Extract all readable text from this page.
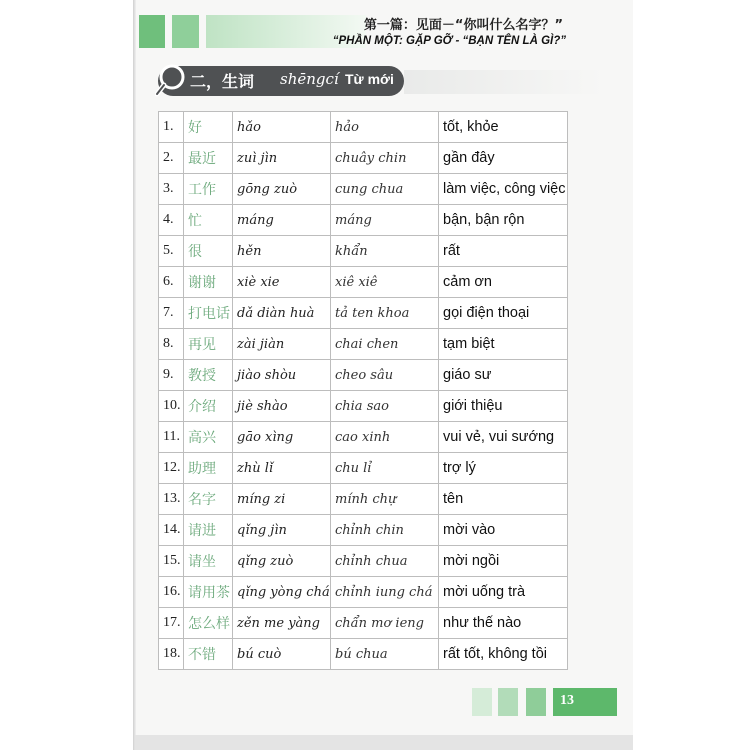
第一篇：见面－“你叫什么名字？”
“PHẦN MỘT: GẶP GỠ - “BẠN TÊN LÀ GÌ?”
二，生词 shēngcí Từ mới
1.	好	hǎo	hảo	tốt, khỏe
2.	最近	zuì jìn	chuây chin	gần đây
3.	工作	gōng zuò	cung chua	làm việc, công việc
4.	忙	máng	máng	bận, bận rộn
5.	很	hěn	khẩn	rất
6.	谢谢	xiè xie	xiê xiê	cảm ơn
7.	打电话	dǎ diàn huà	tả ten khoa	gọi điện thoại
8.	再见	zài jiàn	chai chen	tạm biệt
9.	教授	jiào shòu	cheo sâu	giáo sư
10.	介绍	jiè shào	chia sao	giới thiệu
11.	高兴	gāo xìng	cao xinh	vui vẻ, vui sướng
12.	助理	zhù lǐ	chu lỉ	trợ lý
13.	名字	míng zi	mính chự	tên
14.	请进	qǐng jìn	chỉnh chin	mời vào
15.	请坐	qǐng zuò	chỉnh chua	mời ngồi
16.	请用茶	qǐng yòng chá	chỉnh iung chá	mời uống trà
17.	怎么样	zěn me yàng	chẩn mơ ieng	như thế nào
18.	不错	bú cuò	bú chua	rất tốt, không tồi
13
